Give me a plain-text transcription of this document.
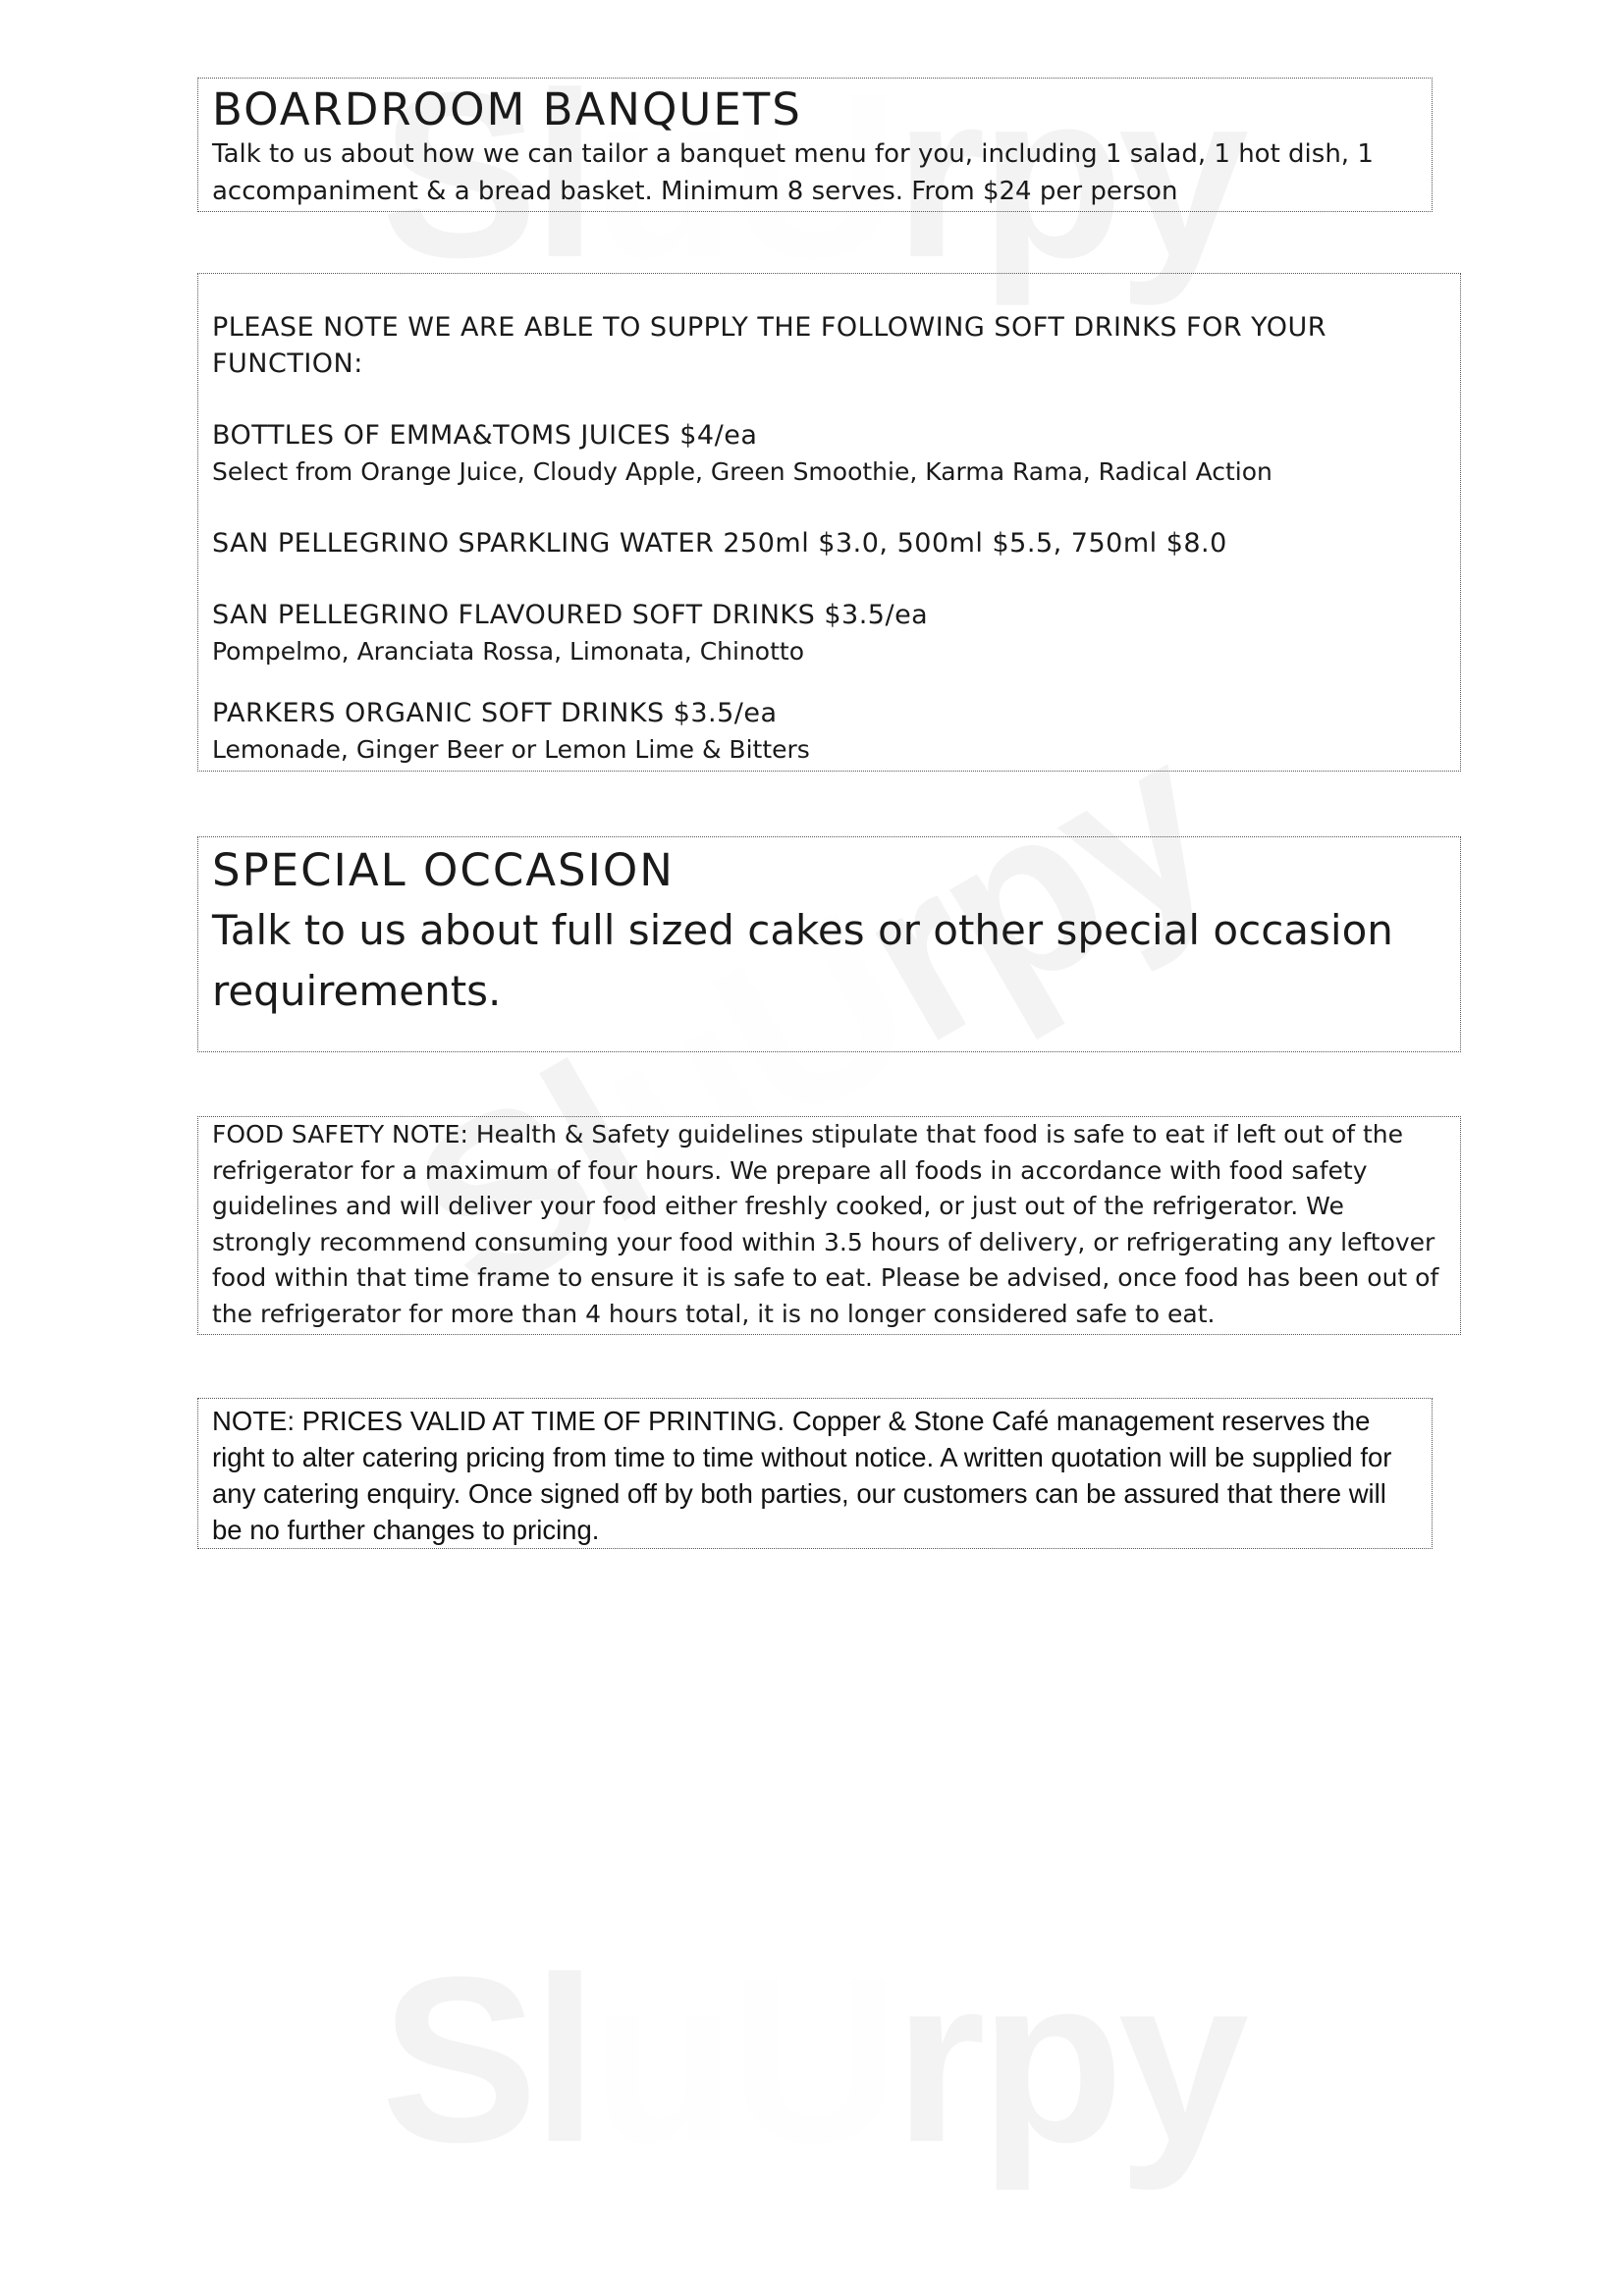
BOARDROOM BANQUETS

Talk to us about how we can tailor a banquet menu for you, including 1 salad, 1 hot dish, 1 accompaniment & a bread basket. Minimum 8 serves. From $24 per person

PLEASE NOTE WE ARE ABLE TO SUPPLY THE FOLLOWING SOFT DRINKS FOR YOUR FUNCTION:

BOTTLES OF EMMA&TOMS JUICES $4/ea

Select from Orange Juice, Cloudy Apple, Green Smoothie, Karma Rama, Radical Action

SAN PELLEGRINO SPARKLING WATER 250ml $3.0, 500ml $5.5, 750ml $8.0

SAN PELLEGRINO FLAVOURED SOFT DRINKS $3.5/ea

Pompelmo, Aranciata Rossa, Limonata, Chinotto

PARKERS ORGANIC SOFT DRINKS $3.5/ea

Lemonade, Ginger Beer or Lemon Lime & Bitters

SPECIAL OCCASION

Talk to us about full sized cakes or other special occasion requirements.

FOOD SAFETY NOTE: Health & Safety guidelines stipulate that food is safe to eat if left out of the refrigerator for a maximum of four hours. We prepare all foods in accordance with food safety guidelines and will deliver your food either freshly cooked, or just out of the refrigerator. We strongly recommend consuming your food within 3.5 hours of delivery, or refrigerating any leftover food within that time frame to ensure it is safe to eat. Please be advised, once food has been out of the refrigerator for more than 4 hours total, it is no longer considered safe to eat.

NOTE: PRICES VALID AT TIME OF PRINTING. Copper & Stone Café management reserves the right to alter catering pricing from time to time without notice. A written quotation will be supplied for any catering enquiry. Once signed off by both parties, our customers can be assured that there will be no further changes to pricing.
